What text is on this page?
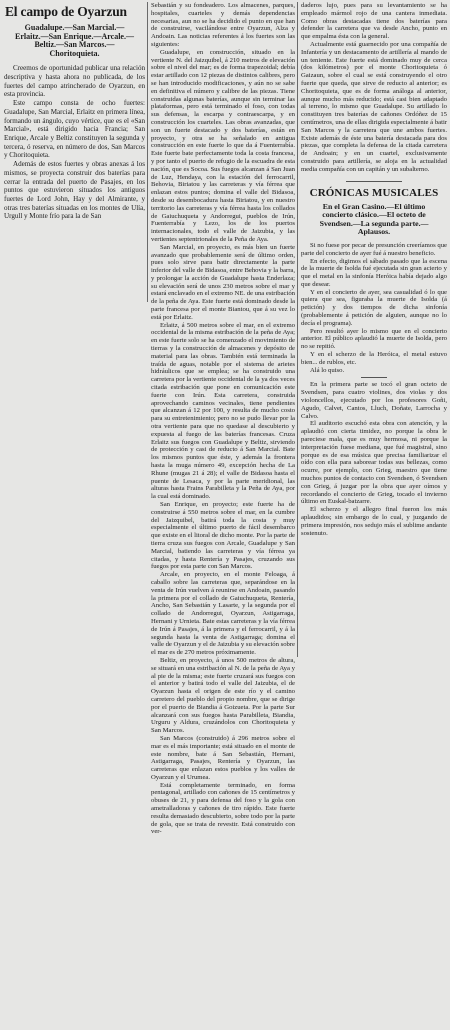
El campo de Oyarzun
Guadalupe.—San Marcial.—Erlaitz.—San Enrique.—Arcale.—Beltiz.—San Marcos.—Choritoquieta.

Creemos de oportunidad publicar una relación descriptiva y hasta ahora no publicada, de los fuertes del campo atrincherado de Oyarzun, en esta provincia.

Este campo consta de ocho fuertes: Guadalupe, San Marcial, Erlaitz en primera línea, formando un ángulo, cuyo vértice, que es el «San Marcial», está dirigido hacia Francia; San Enrique, Arcale y Beltiz constituyen la segunda y tercera, ó reserva, en número de dos, San Marcos y Choritoquieta.

Además de estos fuertes y obras anexas á los mismos, se proyecta construir dos baterías para cerrar la entrada del puerto de Pasajes, en los puntos que estuvieron situados los antiguos fuertes de Lord John, Hay y del Almirante, y otras tres baterías situadas en los montes de Ulía, Urgull y Monte frío para la de San

Sebastián y su fondeadero. Los almacenes, parques, hospitales, cuarteles y demás dependencias necesarias, aun no se ha decidido el punto en que han de construirse, vacilándose entre Oyarzun, Alza y Andoain. Las noticias referentes á los fuertes son las siguientes:

Guadalupe, en construcción, situado en la vertiente N. del Jaizquibel, á 210 metros de elevación sobre el nivel del mar; es de forma trapezoidal; debía estar artillado con 12 piezas de distintos calibres, pero se han introducido modificaciones, y aún no se sabe en definitiva el número y calibre de las piezas. Tiene construidas algunas baterías, aunque sin terminar las plataformas, pero está terminado el foso, con todas sus defensas, la escarpa y contraescarpa, y en construcción los cuarteles. Las obras avanzadas, que son un fuerte destacado y dos baterías, están en proyecto, y otra se ha señalado en antigua construcción en este fuerte lo que da á Fuenterrabía. Este fuerte bate perfectamente toda la costa francesa, y por tanto el puerto de refugio de la escuadra de esta nación, que es Socoa. Sus fuegos alcanzan á San Juan de Luz, Hendaya, con la estación del ferrocarril, Behovia, Biriatou y las carreteras y vía férrea que enlazan estos puntos; domina el valle del Bidasoa, desde su desembocadura hasta Biriatou, y en nuestro territorio las carreteras y vía férrea hasta los collados de Gaiuchuqueta y Andorregui, pueblos de Irún, Fuenterrabía y Lezo, los de los puertos internacionales, todo el valle de Jaizubia, y las vertientes septentrionales de la Peña de Aya.

San Marcial, en proyecto, es más bien un fuerte avanzado que probablemente será de último orden, pues solo sirve para batir directamente la parte inferior del valle de Bidasoa, entre Behovia y la barra, y prolongar la acción de Guadalupe hasta Enderlaza; su elevación será de unos 230 metros sobre el mar y estará enclavado en el extremo NE. de una estribación de la peña de Aya. Este fuerte está dominado desde la parte francesa por el monte Biantou, que á su vez lo está por Erlaitz.

Erlaitz, á 500 metros sobre el mar, en el extremo occidental de la misma estribación de la peña de Aya; en este fuerte solo se ha comenzado el movimiento de tierras y la construcción de almacenes y depósito de material para las obras. También está terminada la traída de aguas, notable por el sistema de arietes hidráulicos que se emplea; se ha construido una carretera por la vertiente occidental de la ya dos veces citada estribación que pone en comunicación este fuerte con Irún. Esta carretera, construida aprovechando caminos vecinales, tiene pendientes que alcanzan á 12 por 100, y resulta de mucho costo para su entretenimiento; pero no se pudo llevar por la otra vertiente para que no quedase al descubierto y expuesta al fuego de las baterías francesas. Cruza Erlaitz sus fuegos con Guadalupe y Beltiz, sirviendo de protección y casi de reducto á San Marcial. Bate los mismos puntos que éste, y además la frontera hasta la muga número 49, excepción hecha de La Rhune (mugas 21 á 28); el valle de Bidasoa hasta el puente de Lesaca, y por la parte meridional, las alturas hasta Frains Parabilleta y la Peña de Aya, por la cual está dominado.

San Enrique, en proyecto; este fuerte ha de construirse á 550 metros sobre el mar, en la cumbre del Jaizquibel, batirá toda la costa y muy especialmente el último puerto de fácil desembarco que existe en el litoral de dicho monte. Por la parte de tierra cruza sus fuegos con Arcale, Guadalupe y San Marcial, batiendo las carreteras y vía férrea ya citadas, y hasta Rentería y Pasajes, cruzando sus fuegos por esta parte con San Marcos.

Arcale, en proyecto, en el monte Feloaga, á caballo sobre las carreteras que, separándose en la venta de Irún vuelven á reunirse en Andoain, pasando la primera por el collado de Gaiuchuqueta, Rentería, Ancho, San Sebastián y Lasarte, y la segunda por el collado de Andorregui, Oyarzun, Astigarraga, Hernani y Urnieta. Bate estas carreteras y la vía férrea de Irún á Pasajes, á la primera y el ferrocarril, y á la segunda hasta la venta de Astigarraga; domina el valle de Oyarzun y el de Jaizubia y su elevación sobre el mar es de 270 metros próximamente.

Beltiz, en proyecto, á unos 500 metros de altura, se situará en una estribación al N. de la peña de Aya y al pie de la misma; este fuerte cruzará sus fuegos con el anterior y batirá todo el valle del Jaizubia, el de Oyarzun hasta el origen de este río y el camino carretero del pueblo del propio nombre, que se dirige por el puerto de Biandia á Goizueta. Por la parte Sur alcanzará con sus fuegos hasta Parabilleta, Biandia, Urguru y Aldura, cruzándolos con Choritoquieta y San Marcos.

San Marcos (construido) á 296 metros sobre el mar es el más importante; está situado en el monte de este nombre, bate á San Sebastián, Hernani, Astigarraga, Pasajes, Rentería y Oyarzun, las carreteras que enlazan estos pueblos y los valles de Oyarzun y el Urumea.

Está completamente terminado, en forma pentagonal, artillado con cañones de 15 centímetros y obuses de 21, y para defensa del foso y la gola con ametralladoras y cañones de tiro rápido. Este fuerte resulta demasiado descubierto, sobre todo por la parte de gola, que se trata de revestir. Está construido con ver-

daderos lujo, pues para su levantamiento se ha empleado mármol rojo de una cantera inmediata. Como obras destacadas tiene dos baterías para defender la carretera que va desde Ancho, punto en que empalma ésta con la general.

Actualmente está guarnecido por una compañía de Infantería y un destacamento de artillería al mando de un teniente. Este fuerte está dominado muy de cerca (dos kilómetros) por el monte Choritoquieta ó Gaizaun, sobre el cual se está construyendo el otro fuerte que queda, que sirve de reducto al anterior; es Choritoquieta, que es de forma análoga al anterior, aunque mucho más reducido; está casi bien adaptado al terreno, lo mismo que Guadalupe. Su artillado lo constituyen tres baterías de cañones Ordóñez de 15 centímetros, una de ellas dirigida especialmente á batir San Marcos y la carretera que une ambos fuertes. Existe además de éste una batería destacada para dos piezas, que completa la defensa de la citada carretera de Andoain; y en un cuartel, exclusivamente construido para artillería, se aloja en la actualidad media compañía con un capitán y un subalterno.

CRÓNICAS MUSICALES
En el Gran Casino.—El último concierto clásico.—El octeto de Svendsen.—La segunda parte.—Aplausos.

Si no fuese por pecar de presunción creeríamos que parte del concierto de ayer fué á nuestro beneficio.

En efecto, digimos el sábado pasado que la escena de la muerte de Isolda fué ejecutada sin gran acierto y que el metal en la sinfonía Heróica había dejado algo que desear.

Y en el concierto de ayer, sea casualidad ó lo que quiera que sea, figuraba la muerte de Isolda (á petición) y dos tiempos de dicha sinfonía (probablemente á petición de alguien, aunque no lo decía el programa).

Pero resultó ayer lo mismo que en el concierto anterior. El público aplaudió la muerte de Isolda, pero no se repitió.

Y en el scherzo de la Heróica, el metal estuvo bien... de rublos, etc.

Alá lo quiso.

En la primera parte se tocó el gran octeto de Svendsen, para cuatro violines, dos violas y dos violoncellos, ejecutado por los profesores Goñi, Agudo, Calvet, Cantos, Lluch, Doñate, Larrocha y Calvo.

El auditorio escuchó esta obra con atención, y la aplaudió con cierta timidez, no porque la obra le pareciese mala, que es muy hermosa, ni porque la interpretación fuese mediana, que fué magistral, sino porque es de esa música que precisa familiarizar el oído con ella para saborear todas sus bellezas, como ocurre, por ejemplo, con Grieg, maestro que tiene muchos puntos de contacto con Svendsen, ó Svendsen con Grieg, á juzgar por la obra que ayer oímos y recordando el concierto de Grieg, tocado el invierno último en Euskal-batzarre.

El scherzo y el allegro final fueron los más aplaudidos; sin embargo de lo cual, y juzgando de primera impresión, nos sedujo más el sublime andante sostenuto.
